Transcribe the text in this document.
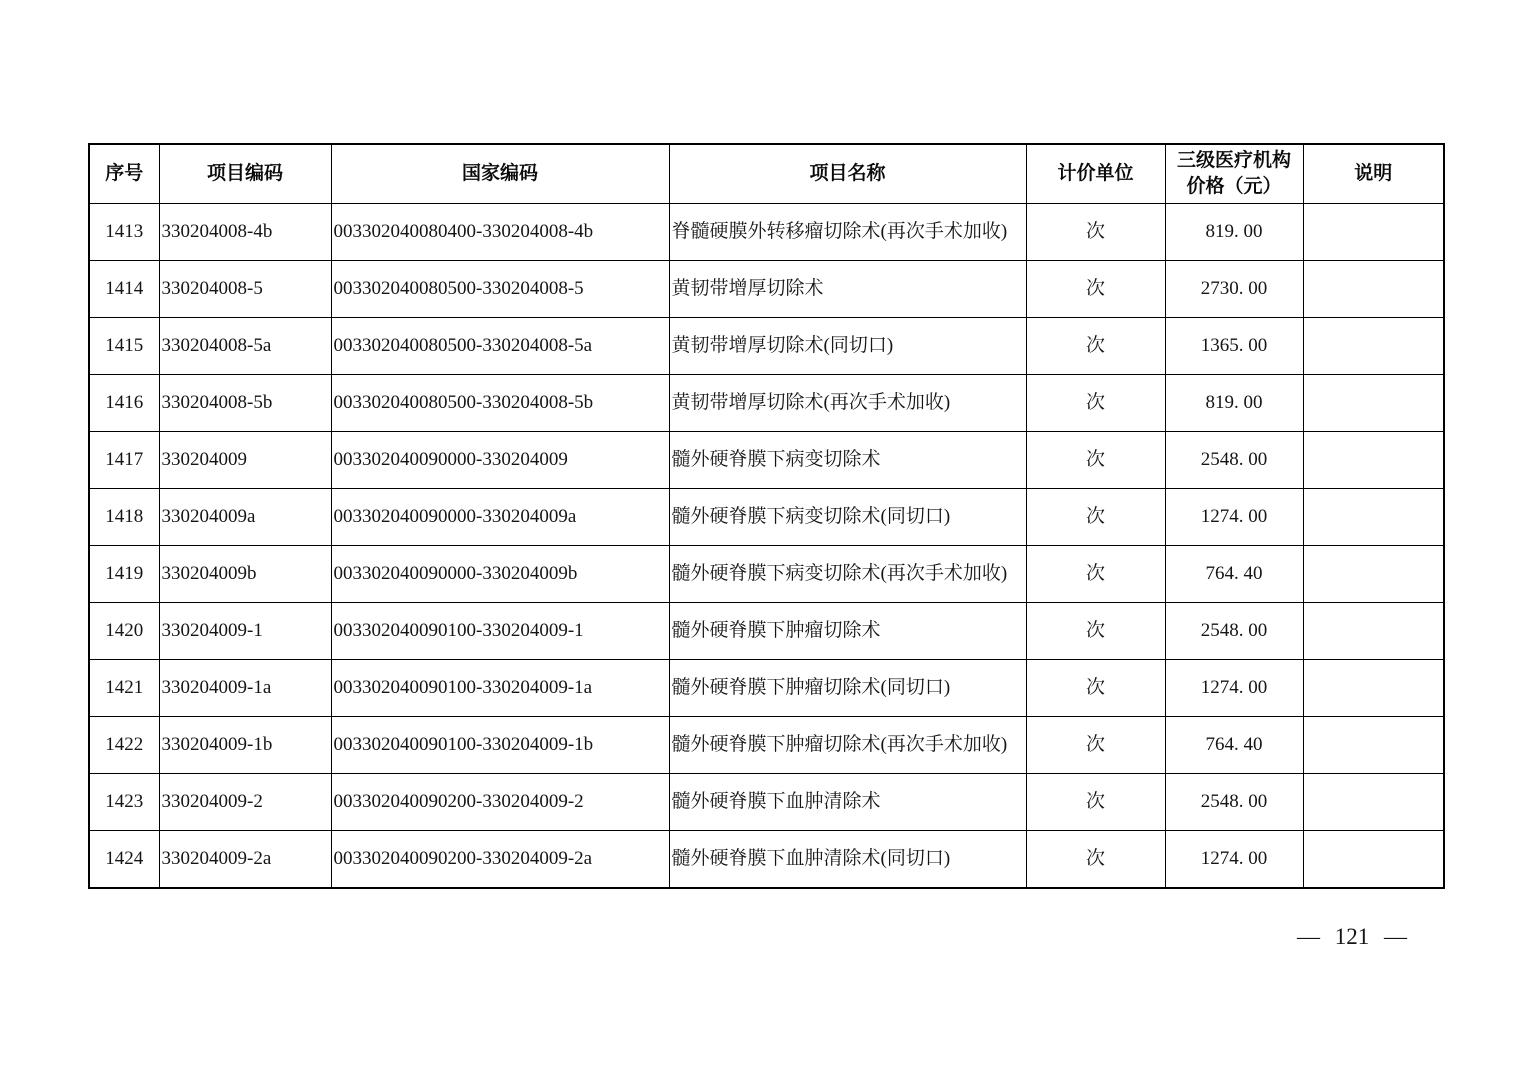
序号	项目编码	国家编码	项目名称	计价单位	三级医疗机构价格（元）	说明
1413	330204008-4b	003302040080400-330204008-4b	脊髓硬膜外转移瘤切除术(再次手术加收)	次	819. 00	
1414	330204008-5	003302040080500-330204008-5	黄韧带增厚切除术	次	2730. 00	
1415	330204008-5a	003302040080500-330204008-5a	黄韧带增厚切除术(同切口)	次	1365. 00	
1416	330204008-5b	003302040080500-330204008-5b	黄韧带增厚切除术(再次手术加收)	次	819. 00	
1417	330204009	003302040090000-330204009	髓外硬脊膜下病变切除术	次	2548. 00	
1418	330204009a	003302040090000-330204009a	髓外硬脊膜下病变切除术(同切口)	次	1274. 00	
1419	330204009b	003302040090000-330204009b	髓外硬脊膜下病变切除术(再次手术加收)	次	764. 40	
1420	330204009-1	003302040090100-330204009-1	髓外硬脊膜下肿瘤切除术	次	2548. 00	
1421	330204009-1a	003302040090100-330204009-1a	髓外硬脊膜下肿瘤切除术(同切口)	次	1274. 00	
1422	330204009-1b	003302040090100-330204009-1b	髓外硬脊膜下肿瘤切除术(再次手术加收)	次	764. 40	
1423	330204009-2	003302040090200-330204009-2	髓外硬脊膜下血肿清除术	次	2548. 00	
1424	330204009-2a	003302040090200-330204009-2a	髓外硬脊膜下血肿清除术(同切口)	次	1274. 00	
— 121 —
